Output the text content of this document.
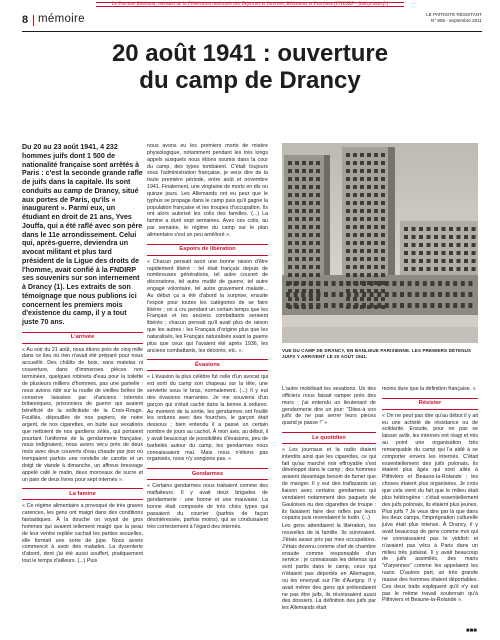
Le Patriote Résistant, mensuel de la Fédération nationale des Déportés et Internés, Résistants et Patriotes (FNDIRP - fndirp.asso.fr)
8 mémoire	LE PATRIOTE RÉSISTANT
N° 856 - septembre 2011
20 août 1941 : ouverture
du camp de Drancy
Du 20 au 23 août 1941, 4 232 hommes juifs dont 1 500 de nationalité française sont arrêtés à Paris : c'est la seconde grande rafle de juifs dans la capitale. Ils sont conduits au camp de Drancy, situé aux portes de Paris, qu'ils « inaugurent ». Parmi eux, un étudiant en droit de 21 ans, Yves Jouffa, qui a été raflé avec son père dans le 11e arrondissement. Celui qui, après-guerre, deviendra un avocat militant et plus tard président de la Ligue des droits de l'homme, avait confié à la FNDIRP ses souvenirs sur son internement à Drancy (1). Les extraits de son témoignage que nous publions ici concernent les premiers mois d'existence du camp, il y a tout juste 70 ans.
L'arrivée
« Au soir du 21 août, nous étions près de cinq mille dans ce lieu où rien n'avait été préparé pour nous accueillir. Des châlits de bois, sans matelas ni couverture, dans d'immenses pièces non terminées, quelques robinets d'eau pour la toilette de plusieurs milliers d'hommes, pas une gamelle : nous avions ridé sur la rouille de vieilles boîtes de conserve laissées par d'anciens internés britanniques, prisonniers de guerre qui avaient bénéficié de la sollicitude de la Croix-Rouge. Fouillés, dépouillés de nos papiers, de notre argent, de nos cigarettes, en butte aux vexations que nettoient de nos gardiens zélés, qui portaient pourtant l'uniforme de la gendarmerie française, nous indignaient, nous avons vécu près de deux mois avec deux couverts d'eau chaude par jour où trempaient parfois une rondelle de carotte et un doigt de viande à dimanche, un affreux breuvage appelé café le matin, deux morceaux de sucre et un pain de deux livres pour sept internés ».
La famine
« Ce régime alimentaire a provoqué de très graves carences, les gens ont maigri dans des conditions fantastiques. À la douche on voyait de gros hommes qui avaient tellement maigri que la peau de leur ventre repliée cachait les parties sexuelles, elle formait une sorte de jupe. Nous avons commencé à avoir des malades. La dysenterie d'abord, dont j'ai été aussi souffert, pratiquement tout le temps d'ailleurs. (...) Puis
nous avons eu les premiers morts de misère physiologique, notamment pendant les très longs appels auxquels nous étions soumis dans la cour du camp, des types tombaient. C'était toujours sous l'administration française, je veux dire de la toute première période, entre août et novembre 1941. Finalement, une vingtaine de morts en dix ou quinze jours. Les Allemands ont eu peur que le typhus se propage dans le camp puis qu'il gagne la population française et les troupes d'occupation. Ils ont alors autorisé les colis des familles. (...) La famine a duré sept semaines. Avec ces colis, au par semaine, le régime du camp sur le plan alimentaire s'est un peu amélioré ».
Espoirs de libération
« Chacun pensait avoir une bonne raison d'être rapidement libéré : tel était français depuis de nombreuses générations, tel autre couvert de décorations, tel autre mutilé de guerre, tel autre engagé volontaire, tel autre gravement malade... Au début ça a été d'abord la surprise, ensuite l'espoir pour toutes les catégories de se faire libérer ; on a cru pendant un certain temps que les Français et les anciens combattants seraient libérés ; chacun pensait qu'il avait plus de raison que les autres : les Français d'origine plus que les naturalisés, les Français naturalisés avant la guerre plus que ceux qui l'avaient été après 1936, les anciens combattants, les décorés, etc. ».
Évasions
« L'évasion la plus célèbre fut celle d'un avocat qui est sorti du camp son chapeau sur la tête, une serviette sous le bras, normalement. (...) Il y eut des évasions marrantes. Je me souviens d'un garçon qui s'était caché dans la benne à ordures. Au moment de la sortie, les gendarmes ont fouillé les ordures avec des fourches, le garçon était dessous ; bien entendu il a passé un certain nombre de jours au cachot. À mon avis, au début, il y avait beaucoup de possibilités d'évasions, peu de barbelés autour du camp, les gendarmes nous connaissaient mal. Mais nous n'étions pas organisés, nous n'y songions pas. »
Gendarmes
« Certains gendarmes nous traitaient comme des malfaiteurs. Il y avait deux brigades de gendarmerie : une bonne et une mauvaise. La bonne était composée de très chics types qui passaient du courrier (parfois de façon désintéressée, parfois moins), qui se conduisaient très correctement à l'égard des internés.
VUE DU CAMP DE DRANCY, EN BANLIEUE PARISIENNE. LES PREMIERS DÉTENUS JUIFS Y ARRIVENT LE 20 AOÛT 1941.
L'autre mobilisait les vexations. Un des officiers nous faisait ramper près des murs ; j'ai entendu un lieutenant de gendarmerie dire un jour: "Dites-à vos juifs de ne pas serrer leurs pieces quand je passe !" »
Le quotidien
« Les journaux et la radio étaient interdits ainsi que les cigarettes, ce qui fait qu'au marché noir effroyable s'est développé dans le camp ; des hommes avaient davantage besoin de fumer que de manger. Il y eut des trafiquants un liaison avec certains gendarmes qui vendaient notamment des paquets de Gauloises ou des cigarettes de troupe : ils faisaient faire des rafles par leurs copains puis revendaient le butin. (...)
Les gens attendaient la libération, les nouvelles de la famille. Ils survivaient. J'étais assez pris par mes occupations. J'étais devenu comme chef de chambre ensuite comme responsable d'un service : je connaissais les détenus qui sont partis dans le camp, ceux qui n'étaient pas déportés en Allemagne, ou les envoyait sur l'île d'Aurigny. Il y avait même des gens qui prétendaient ne pas être juifs, ils réunissaient aussi des dossiers. La définition des juifs par les Allemands était
moins dure que la définition française. »
Résister
« On ne peut pas dire qu'au début il y ait eu une activité de résistance ou de solidarité. Ensuite, pour ne pas se laisser avilir, les internés ont réagi et mis au point une organisation très remarquable du camp qui l'a aidé à se comporter envers les internés. C'était essentiellement des juifs polonais, ils étaient plus âgés qui sont allés à Pithiviers et Beaune-la-Rolande ; les choses étaient plus organisées. Je crois que cela vient du fait que le milieu était plus hétérogène : c'était essentiellement des juifs polonais, ils étaient plus jeunes. Plus juifs ? Je veux dire par là que dans les deux camps, l'imprégnation culturelle juive était plus intense. À Drancy, il y avait beaucoup de gens comme moi qui ne connaissaient pas le yiddish et n'avaient pas vécu à Paris dans un milieu très judaïsé. Il y avait beaucoup de juifs assimilés, des maris "d'aryennes" comme les appelaient les nazis. D'autres part, un très grande masse des hommes étaient déportables. Ces deux traits expliquent qu'il n'y eut pas le même travail souterrain qu'à Pithiviers et Beaune-la-Rolande ».
■■■
